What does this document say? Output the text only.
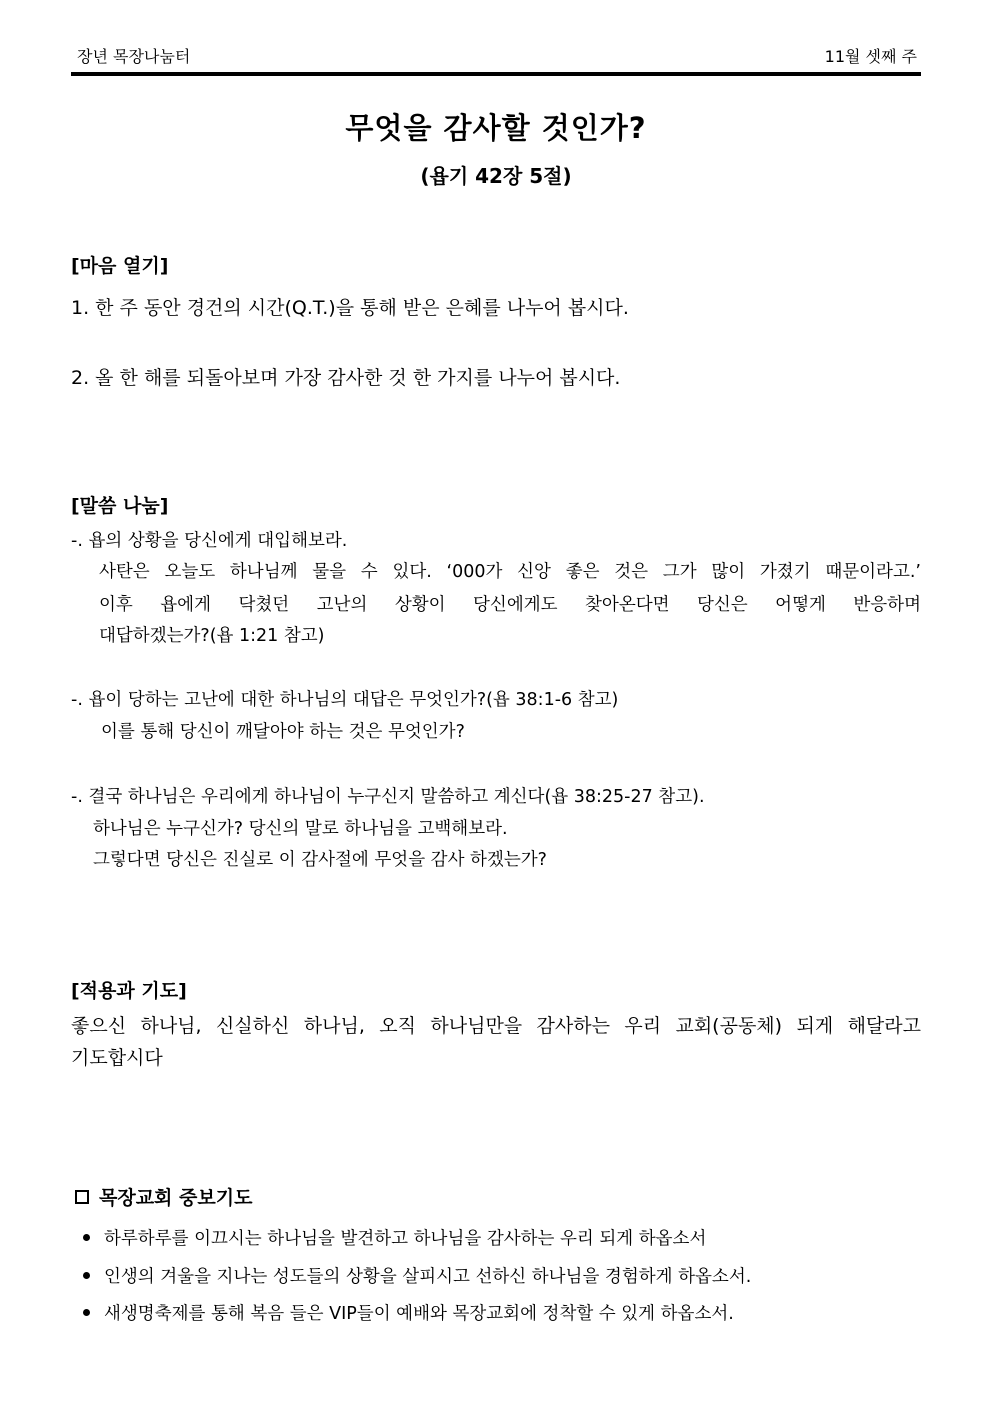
장년 목장나눔터	11월 셋째 주
무엇을 감사할 것인가?
(욥기 42장 5절)
[마음 열기]
1. 한 주 동안 경건의 시간(Q.T.)을 통해 받은 은혜를 나누어 봅시다.
2. 올 한 해를 되돌아보며 가장 감사한 것 한 가지를 나누어 봅시다.
[말씀 나눔]
-. 욥의 상황을 당신에게 대입해보라.
사탄은 오늘도 하나님께 물을 수 있다. ‘000가 신앙 좋은 것은 그가 많이 가졌기 때문이라고.’
이후 욥에게 닥쳤던 고난의 상황이 당신에게도 찾아온다면 당신은 어떻게 반응하며
대답하겠는가?(욥 1:21 참고)
-. 욥이 당하는 고난에 대한 하나님의 대답은 무엇인가?(욥 38:1-6 참고)
이를 통해 당신이 깨달아야 하는 것은 무엇인가?
-. 결국 하나님은 우리에게 하나님이 누구신지 말씀하고 계신다(욥 38:25-27 참고).
하나님은 누구신가? 당신의 말로 하나님을 고백해보라.
그렇다면 당신은 진실로 이 감사절에 무엇을 감사 하겠는가?
[적용과 기도]
좋으신 하나님, 신실하신 하나님, 오직 하나님만을 감사하는 우리 교회(공동체) 되게 해달라고
기도합시다
목장교회 중보기도
하루하루를 이끄시는 하나님을 발견하고 하나님을 감사하는 우리 되게 하옵소서
인생의 겨울을 지나는 성도들의 상황을 살피시고 선하신 하나님을 경험하게 하옵소서.
새생명축제를 통해 복음 들은 VIP들이 예배와 목장교회에 정착할 수 있게 하옵소서.
